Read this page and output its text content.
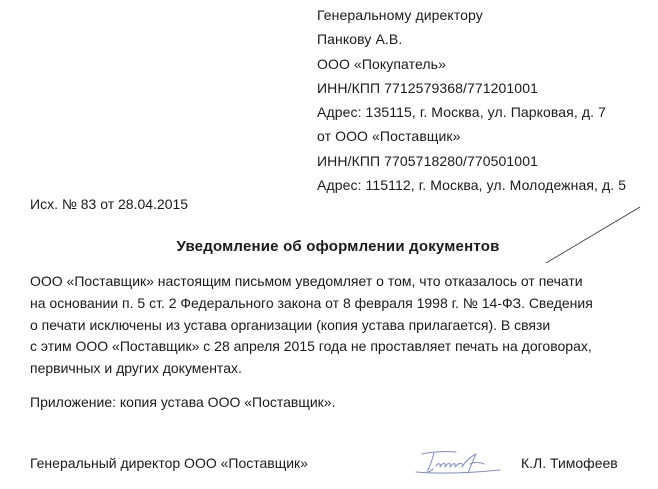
Генеральному директору
Панкову А.В.
ООО «Покупатель»
ИНН/КПП 7712579368/771201001
Адрес: 135115, г. Москва, ул. Парковая, д. 7
от ООО «Поставщик»
ИНН/КПП 7705718280/770501001
Адрес: 115112, г. Москва, ул. Молодежная, д. 5
Исх. № 83 от 28.04.2015
Уведомление об оформлении документов
ООО «Поставщик» настоящим письмом уведомляет о том, что отказалось от печати
на основании п. 5 ст. 2 Федерального закона от 8 февраля 1998 г. № 14-ФЗ. Сведения
о печати исключены из устава организации (копия устава прилагается). В связи
с этим ООО «Поставщик» с 28 апреля 2015 года не проставляет печать на договорах,
первичных и других документах.
Приложение: копия устава ООО «Поставщик».
Генеральный директор ООО «Поставщик»	К.Л. Тимофеев
